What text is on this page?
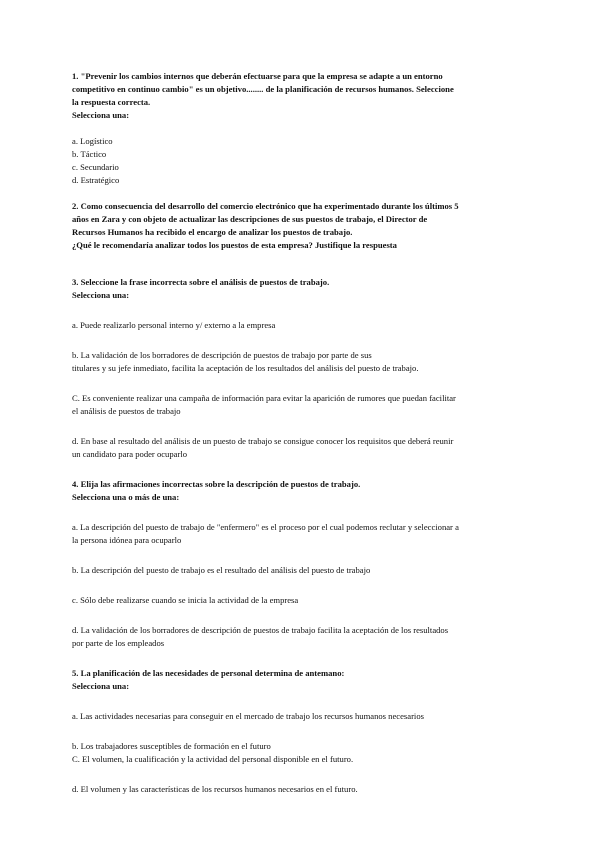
1. "Prevenir los cambios internos que deberán efectuarse para que la empresa se adapte a un entorno
competitivo en continuo cambio" es un objetivo........ de la planificación de recursos humanos. Seleccione
la respuesta correcta.
Selecciona una:
a. Logístico
b. Táctico
c. Secundario
d. Estratégico
2. Como consecuencia del desarrollo del comercio electrónico que ha experimentado durante los últimos 5
años en Zara y con objeto de actualizar las descripciones de sus puestos de trabajo, el Director de
Recursos Humanos ha recibido el encargo de analizar los puestos de trabajo.
¿Qué le recomendaría analizar todos los puestos de esta empresa? Justifique la respuesta
3. Seleccione la frase incorrecta sobre el análisis de puestos de trabajo.
Selecciona una:
a. Puede realizarlo personal interno y/ externo a la empresa
b. La validación de los borradores de descripción de puestos de trabajo por parte de sus
titulares y su jefe inmediato, facilita la aceptación de los resultados del análisis del puesto de trabajo.
C. Es conveniente realizar una campaña de información para evitar la aparición de rumores que puedan facilitar
el análisis de puestos de trabajo
d. En base al resultado del análisis de un puesto de trabajo se consigue conocer los requisitos que deberá reunir
un candidato para poder ocuparlo
4. Elija las afirmaciones incorrectas sobre la descripción de puestos de trabajo.
Selecciona una o más de una:
a. La descripción del puesto de trabajo de "enfermero" es el proceso por el cual podemos reclutar y seleccionar a
la persona idónea para ocuparlo
b. La descripción del puesto de trabajo es el resultado del análisis del puesto de trabajo
c. Sólo debe realizarse cuando se inicia la actividad de la empresa
d. La validación de los borradores de descripción de puestos de trabajo facilita la aceptación de los resultados
por parte de los empleados
5. La planificación de las necesidades de personal determina de antemano:
Selecciona una:
a. Las actividades necesarias para conseguir en el mercado de trabajo los recursos humanos necesarios
b. Los trabajadores susceptibles de formación en el futuro
C. El volumen, la cualificación y la actividad del personal disponible en el futuro.
d. El volumen y las características de los recursos humanos necesarios en el futuro.
